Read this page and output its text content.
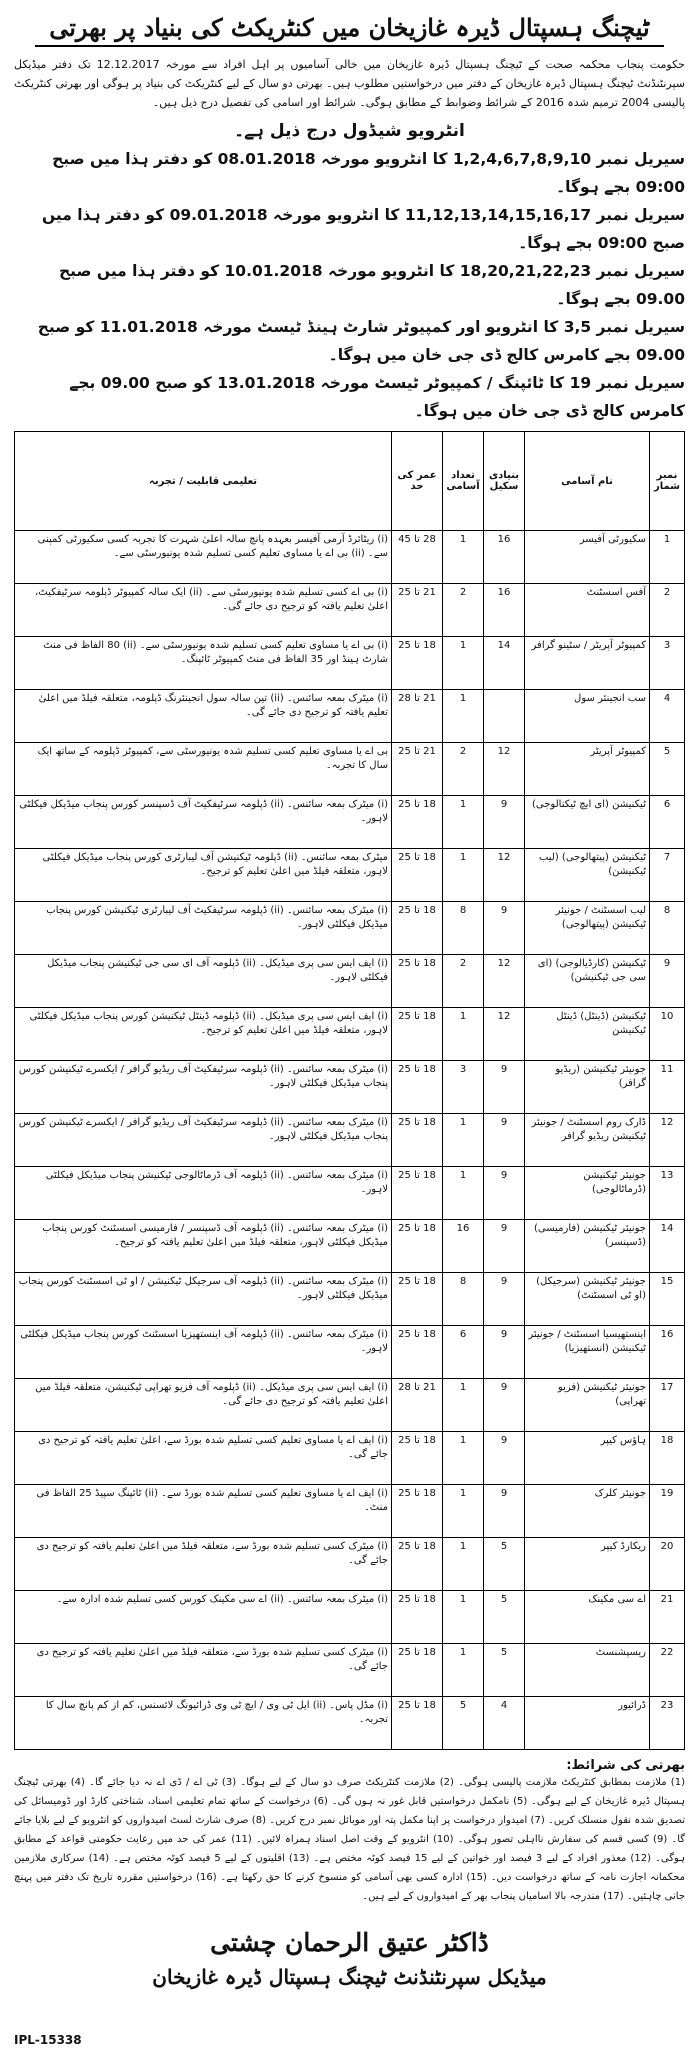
ٹیچنگ ہسپتال ڈیرہ غازیخان میں کنٹریکٹ کی بنیاد پر بھرتی
حکومت پنجاب محکمہ صحت کے ٹیچنگ ہسپتال ڈیرہ غازیخان میں خالی آسامیوں پر اہل افراد سے مورخہ 12.12.2017 تک دفتر میڈیکل سپرنٹنڈنٹ ٹیچنگ ہسپتال ڈیرہ غازیخان کے دفتر میں درخواستیں مطلوب ہیں۔ بھرتی دو سال کے لیے کنٹریکٹ کی بنیاد پر ہوگی اور بھرتی کنٹریکٹ پالیسی 2004 ترمیم شدہ 2016 کے شرائط وضوابط کے مطابق ہوگی۔ شرائط اور اسامی کی تفصیل درج ذیل ہیں۔
انٹرویو شیڈول درج ذیل ہے۔

سیریل نمبر 1,2,4,6,7,8,9,10 کا انٹرویو مورخہ 08.01.2018 کو دفتر ہذا میں صبح 09:00 بجے ہوگا۔

سیریل نمبر 11,12,13,14,15,16,17 کا انٹرویو مورخہ 09.01.2018 کو دفتر ہذا میں صبح 09:00 بجے ہوگا۔

سیریل نمبر 18,20,21,22,23 کا انٹرویو مورخہ 10.01.2018 کو دفتر ہذا میں صبح 09.00 بجے ہوگا۔

سیریل نمبر 3,5 کا انٹرویو اور کمپیوٹر شارٹ ہینڈ ٹیسٹ مورخہ 11.01.2018 کو صبح 09.00 بجے کامرس کالج ڈی جی خان میں ہوگا۔

سیریل نمبر 19 کا ٹائپنگ / کمپیوٹر ٹیسٹ مورخہ 13.01.2018 کو صبح 09.00 بجے کامرس کالج ڈی جی خان میں ہوگا۔

نمبر شمار	نام آسامی	بنیادی سکیل	تعداد آسامی	عمر کی حد	تعلیمی قابلیت / تجربہ
1	سکیورٹی آفیسر	16	1	28 تا 45	(i) ریٹائرڈ آرمی آفیسر بعہدہ پانچ سالہ اعلیٰ شہرت کا تجربہ کسی سکیورٹی کمپنی سے۔ (ii) بی اے یا مساوی تعلیم کسی تسلیم شدہ یونیورسٹی سے۔
2	آفس اسسٹنٹ	16	2	21 تا 25	(i) بی اے کسی تسلیم شدہ یونیورسٹی سے۔ (ii) ایک سالہ کمپیوٹر ڈپلومہ سرٹیفکیٹ، اعلیٰ تعلیم یافتہ کو ترجیح دی جائے گی۔
3	کمپیوٹر آپریٹر / سٹینو گرافر	14	1	18 تا 25	(i) بی اے یا مساوی تعلیم کسی تسلیم شدہ یونیورسٹی سے۔ (ii) 80 الفاظ فی منٹ شارٹ ہینڈ اور 35 الفاظ فی منٹ کمپیوٹر ٹائپنگ۔
4	سب انجینئر سول		1	21 تا 28	(i) میٹرک بمعہ سائنس۔ (ii) تین سالہ سول انجینئرنگ ڈپلومہ، متعلقہ فیلڈ میں اعلیٰ تعلیم یافتہ کو ترجیح دی جائے گی۔
5	کمپیوٹر آپریٹر	12	2	21 تا 25	بی اے یا مساوی تعلیم کسی تسلیم شدہ یونیورسٹی سے، کمپیوٹر ڈپلومہ کے ساتھ ایک سال کا تجربہ۔
6	ٹیکنیشن (ای ایچ ٹیکنالوجی)	9	1	18 تا 25	(i) میٹرک بمعہ سائنس۔ (ii) ڈپلومہ سرٹیفکیٹ آف ڈسپنسر کورس پنجاب میڈیکل فیکلٹی لاہور۔
7	ٹیکنیشن (پیتھالوجی) (لیب ٹیکنیشن)	12	1	18 تا 25	میٹرک بمعہ سائنس۔ (ii) ڈپلومہ ٹیکنیشن آف لیبارٹری کورس پنجاب میڈیکل فیکلٹی لاہور، متعلقہ فیلڈ میں اعلیٰ تعلیم کو ترجیح۔
8	لیب اسسٹنٹ / جونیئر ٹیکنیشن (پیتھالوجی)	9	8	18 تا 25	(i) میٹرک بمعہ سائنس۔ (ii) ڈپلومہ سرٹیفکیٹ آف لیبارٹری ٹیکنیشن کورس پنجاب میڈیکل فیکلٹی لاہور۔
9	ٹیکنیشن (کارڈیالوجی) (ای سی جی ٹیکنیشن)	12	2	18 تا 25	(i) ایف ایس سی پری میڈیکل۔ (ii) ڈپلومہ آف ای سی جی ٹیکنیشن پنجاب میڈیکل فیکلٹی لاہور۔
10	ٹیکنیشن (ڈینٹل) ڈینٹل ٹیکنیشن	12	1	18 تا 25	(i) ایف ایس سی پری میڈیکل۔ (ii) ڈپلومہ ڈینٹل ٹیکنیشن کورس پنجاب میڈیکل فیکلٹی لاہور، متعلقہ فیلڈ میں اعلیٰ تعلیم کو ترجیح۔
11	جونیئر ٹیکنیشن (ریڈیو گرافر)	9	3	18 تا 25	(i) میٹرک بمعہ سائنس۔ (ii) ڈپلومہ سرٹیفکیٹ آف ریڈیو گرافر / ایکسرے ٹیکنیشن کورس پنجاب میڈیکل فیکلٹی لاہور۔
12	ڈارک روم اسسٹنٹ / جونیئر ٹیکنیشن ریڈیو گرافر	9	1	18 تا 25	(i) میٹرک بمعہ سائنس۔ (ii) ڈپلومہ سرٹیفکیٹ آف ریڈیو گرافر / ایکسرے ٹیکنیشن کورس پنجاب میڈیکل فیکلٹی لاہور۔
13	جونیئر ٹیکنیشن (ڈرماٹالوجی)	9	1	18 تا 25	(i) میٹرک بمعہ سائنس۔ (ii) ڈپلومہ آف ڈرماٹالوجی ٹیکنیشن پنجاب میڈیکل فیکلٹی لاہور۔
14	جونیئر ٹیکنیشن (فارمیسی) (ڈسپنسر)	9	16	18 تا 25	(i) میٹرک بمعہ سائنس۔ (ii) ڈپلومہ آف ڈسپنسر / فارمیسی اسسٹنٹ کورس پنجاب میڈیکل فیکلٹی لاہور، متعلقہ فیلڈ میں اعلیٰ تعلیم یافتہ کو ترجیح۔
15	جونیئر ٹیکنیشن (سرجیکل) (او ٹی اسسٹنٹ)	9	8	18 تا 25	(i) میٹرک بمعہ سائنس۔ (ii) ڈپلومہ آف سرجیکل ٹیکنیشن / او ٹی اسسٹنٹ کورس پنجاب میڈیکل فیکلٹی لاہور۔
16	اینستھیسیا اسسٹنٹ / جونیئر ٹیکنیشن (انستھیزیا)	9	6	18 تا 25	(i) میٹرک بمعہ سائنس۔ (ii) ڈپلومہ آف اینستھیزیا اسسٹنٹ کورس پنجاب میڈیکل فیکلٹی لاہور۔
17	جونیئر ٹیکنیشن (فزیو تھراپی)	9	1	21 تا 28	(i) ایف ایس سی پری میڈیکل۔ (ii) ڈپلومہ آف فزیو تھراپی ٹیکنیشن، متعلقہ فیلڈ میں اعلیٰ تعلیم یافتہ کو ترجیح دی جائے گی۔
18	ہاؤس کیپر	9	1	18 تا 25	(i) ایف اے یا مساوی تعلیم کسی تسلیم شدہ بورڈ سے، اعلیٰ تعلیم یافتہ کو ترجیح دی جائے گی۔
19	جونیئر کلرک	9	1	18 تا 25	(i) ایف اے یا مساوی تعلیم کسی تسلیم شدہ بورڈ سے۔ (ii) ٹائپنگ سپیڈ 25 الفاظ فی منٹ۔
20	ریکارڈ کیپر	5	1	18 تا 25	(i) میٹرک کسی تسلیم شدہ بورڈ سے، متعلقہ فیلڈ میں اعلیٰ تعلیم یافتہ کو ترجیح دی جائے گی۔
21	اے سی مکینک	5	1	18 تا 25	(i) میٹرک بمعہ سائنس۔ (ii) اے سی مکینک کورس کسی تسلیم شدہ ادارہ سے۔
22	ریسپشنسٹ	5	1	18 تا 25	(i) میٹرک کسی تسلیم شدہ بورڈ سے، متعلقہ فیلڈ میں اعلیٰ تعلیم یافتہ کو ترجیح دی جائے گی۔
23	ڈرائیور	4	5	18 تا 25	(i) مڈل پاس۔ (ii) ایل ٹی وی / ایچ ٹی وی ڈرائیونگ لائسنس، کم از کم پانچ سال کا تجربہ۔
بھرتی کی شرائط:
(1) ملازمت بمطابق کنٹریکٹ ملازمت پالیسی ہوگی۔ (2) ملازمت کنٹریکٹ صرف دو سال کے لیے ہوگا۔ (3) ٹی اے / ڈی اے نہ دیا جائے گا۔ (4) بھرتی ٹیچنگ ہسپتال ڈیرہ غازیخان کے لیے ہوگی۔ (5) نامکمل درخواستیں قابل غور نہ ہوں گی۔ (6) درخواست کے ساتھ تمام تعلیمی اسناد، شناختی کارڈ اور ڈومیسائل کی تصدیق شدہ نقول منسلک کریں۔ (7) امیدوار درخواست پر اپنا مکمل پتہ اور موبائل نمبر درج کریں۔ (8) صرف شارٹ لسٹ امیدواروں کو انٹرویو کے لیے بلایا جائے گا۔ (9) کسی قسم کی سفارش نااہلی تصور ہوگی۔ (10) انٹرویو کے وقت اصل اسناد ہمراہ لائیں۔ (11) عمر کی حد میں رعایت حکومتی قواعد کے مطابق ہوگی۔ (12) معذور افراد کے لیے 3 فیصد اور خواتین کے لیے 15 فیصد کوٹہ مختص ہے۔ (13) اقلیتوں کے لیے 5 فیصد کوٹہ مختص ہے۔ (14) سرکاری ملازمین محکمانہ اجازت نامہ کے ساتھ درخواست دیں۔ (15) ادارہ کسی بھی آسامی کو منسوخ کرنے کا حق رکھتا ہے۔ (16) درخواستیں مقررہ تاریخ تک دفتر میں پہنچ جانی چاہئیں۔ (17) مندرجہ بالا اسامیاں پنجاب بھر کے امیدواروں کے لیے ہیں۔
ڈاکٹر عتیق الرحمان چشتی
میڈیکل سپرنٹنڈنٹ ٹیچنگ ہسپتال ڈیرہ غازیخان
IPL-15338
